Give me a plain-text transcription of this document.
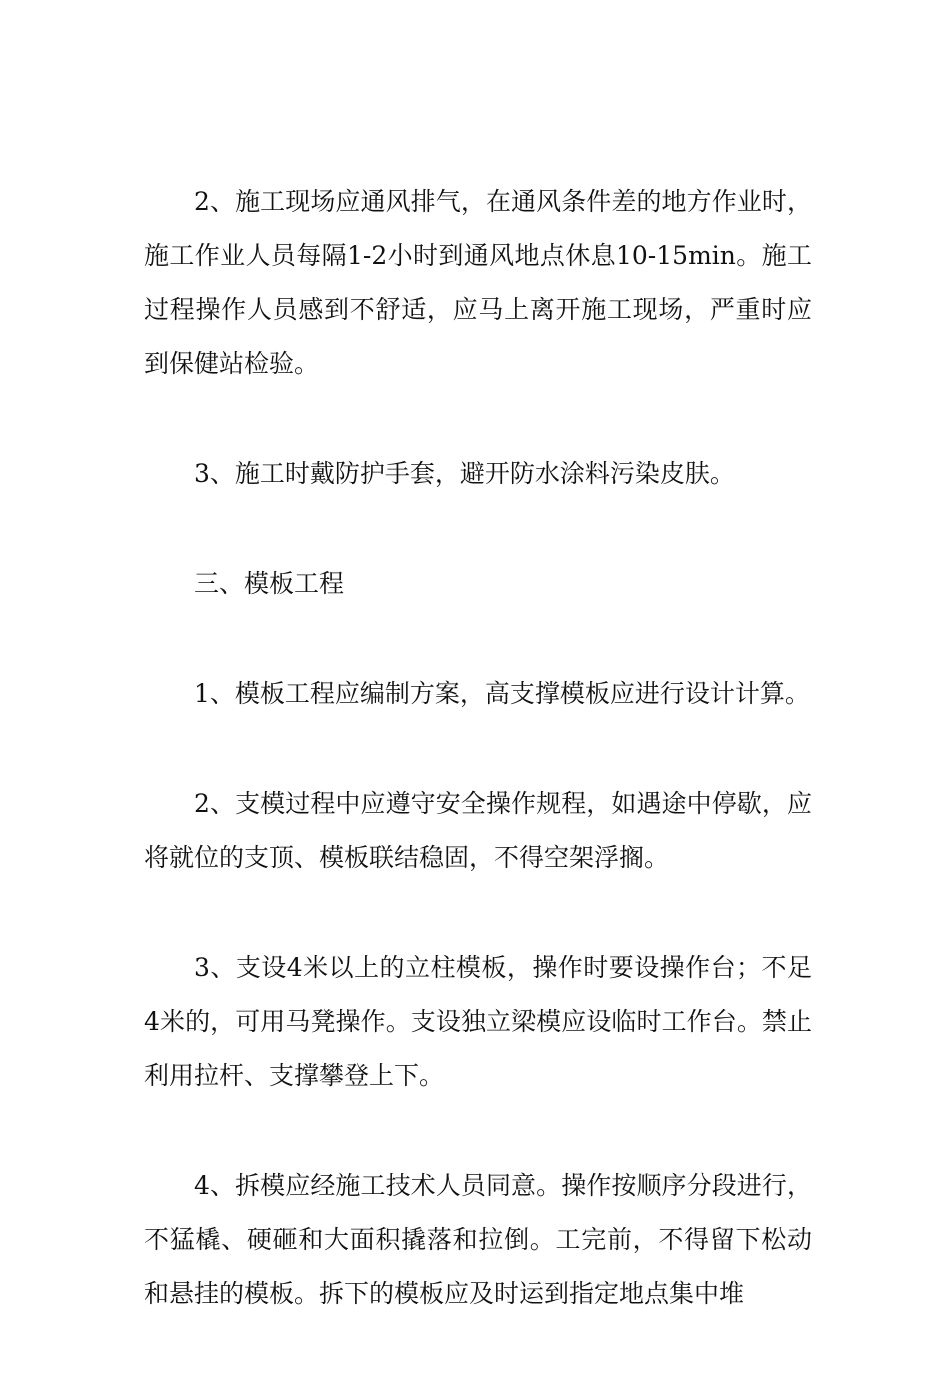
2、施工现场应通风排气，在通风条件差的地方作业时，施工作业人员每隔1-2小时到通风地点休息10-15min。施工过程操作人员感到不舒适，应马上离开施工现场，严重时应到保健站检验。

3、施工时戴防护手套，避开防水涂料污染皮肤。

三、模板工程

1、模板工程应编制方案，高支撑模板应进行设计计算。

2、支模过程中应遵守安全操作规程，如遇途中停歇，应将就位的支顶、模板联结稳固，不得空架浮搁。

3、支设4米以上的立柱模板，操作时要设操作台；不足4米的，可用马凳操作。支设独立梁模应设临时工作台。禁止利用拉杆、支撑攀登上下。

4、拆模应经施工技术人员同意。操作按顺序分段进行，不猛橇、硬砸和大面积撬落和拉倒。工完前，不得留下松动和悬挂的模板。拆下的模板应及时运到指定地点集中堆
